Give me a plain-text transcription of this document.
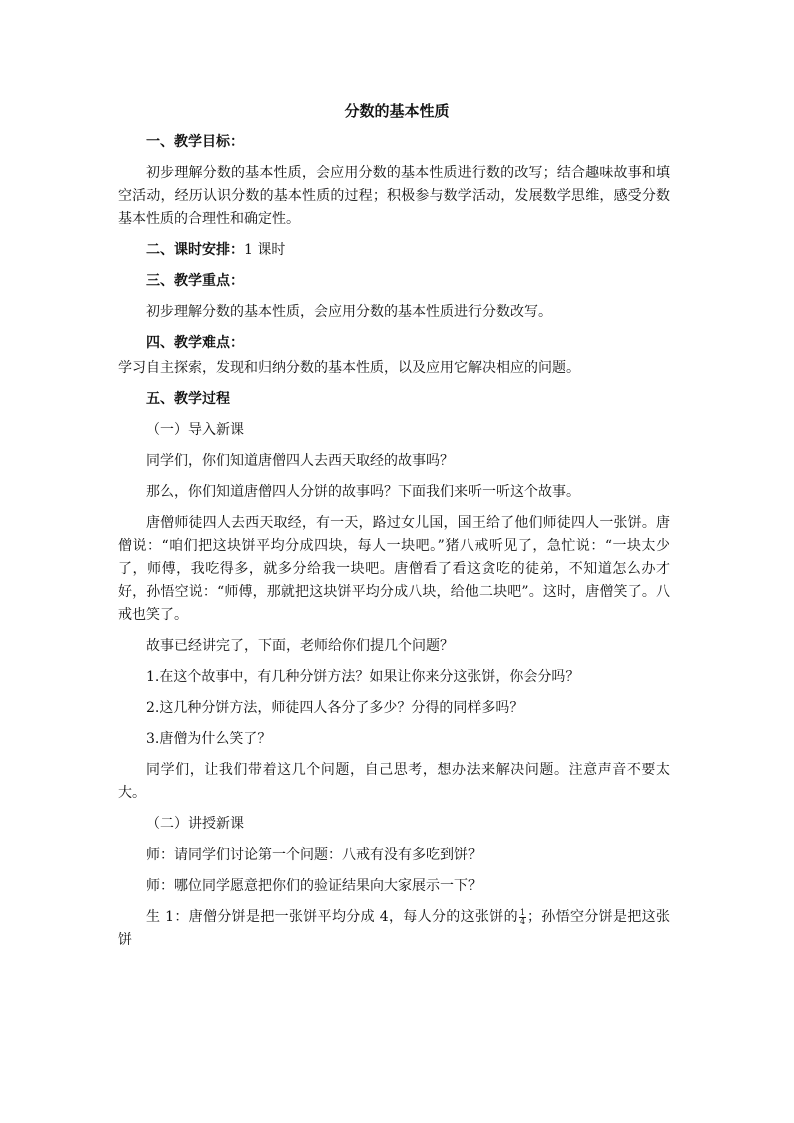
分数的基本性质
一、教学目标：

初步理解分数的基本性质，会应用分数的基本性质进行数的改写；结合趣味故事和填空活动，经历认识分数的基本性质的过程；积极参与数学活动，发展数学思维，感受分数基本性质的合理性和确定性。

二、课时安排：1 课时
三、教学重点：

初步理解分数的基本性质，会应用分数的基本性质进行分数改写。

四、教学难点：

学习自主探索，发现和归纳分数的基本性质，以及应用它解决相应的问题。

五、教学过程
（一）导入新课

同学们，你们知道唐僧四人去西天取经的故事吗？

那么，你们知道唐僧四人分饼的故事吗？下面我们来听一听这个故事。

唐僧师徒四人去西天取经，有一天，路过女儿国，国王给了他们师徒四人一张饼。唐僧说：“咱们把这块饼平均分成四块，每人一块吧。”猪八戒听见了，急忙说：“一块太少了，师傅，我吃得多，就多分给我一块吧。唐僧看了看这贪吃的徒弟，不知道怎么办才好，孙悟空说：“师傅，那就把这块饼平均分成八块，给他二块吧”。这时，唐僧笑了。八戒也笑了。

故事已经讲完了，下面，老师给你们提几个问题？

1.在这个故事中，有几种分饼方法？如果让你来分这张饼，你会分吗？

2.这几种分饼方法，师徒四人各分了多少？分得的同样多吗？

3.唐僧为什么笑了？

同学们，让我们带着这几个问题，自己思考，想办法来解决问题。注意声音不要太大。

（二）讲授新课

师：请同学们讨论第一个问题：八戒有没有多吃到饼？

师：哪位同学愿意把你们的验证结果向大家展示一下？

生 1：唐僧分饼是把一张饼平均分成 4，每人分的这张饼的 $\frac{1}{4}$ ；孙悟空分饼是把这张饼
